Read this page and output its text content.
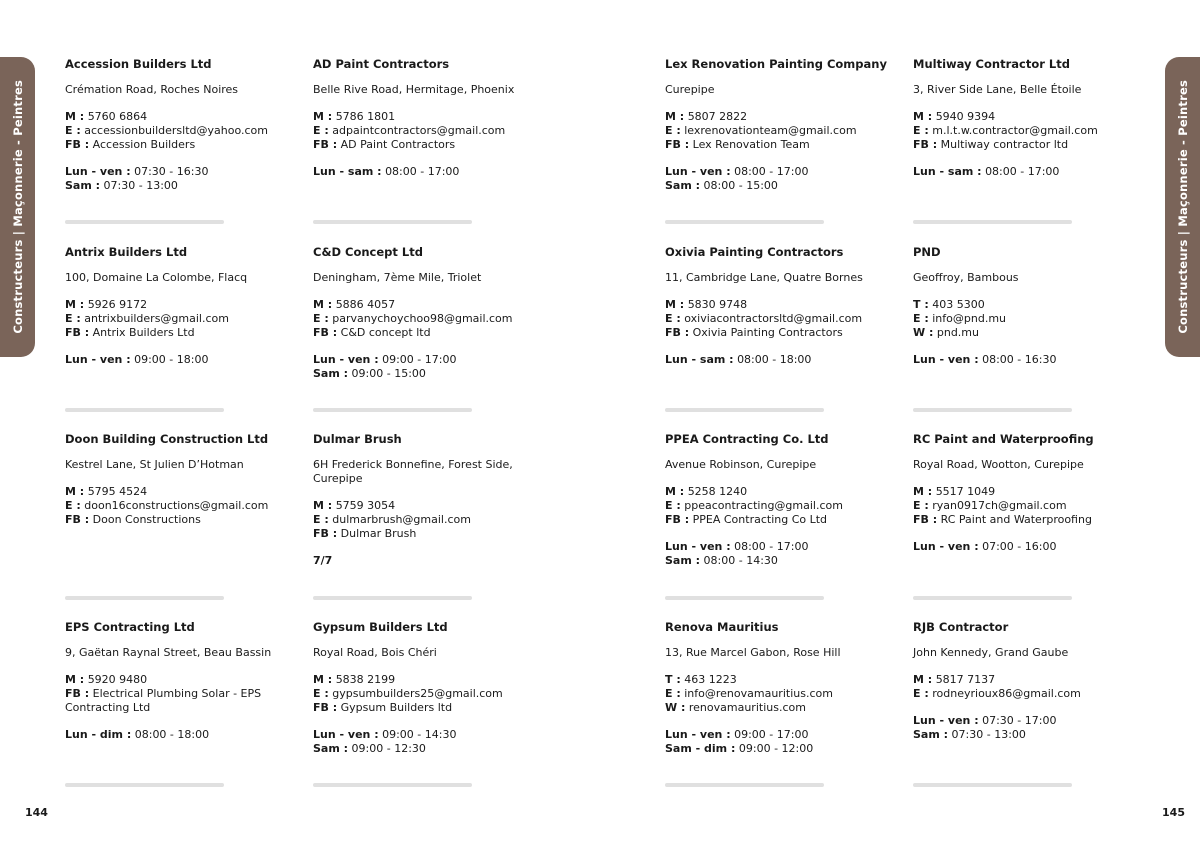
Constructeurs | Maçonnerie - Peintres	Constructeurs | Maçonnerie - Peintres
Accession Builders Ltd
Crémation Road, Roches Noires
M : 5760 6864
E : accessionbuildersltd@yahoo.com
FB : Accession Builders
Lun - ven : 07:30 - 16:30
Sam : 07:30 - 13:00
Antrix Builders Ltd
100, Domaine La Colombe, Flacq
M : 5926 9172
E : antrixbuilders@gmail.com
FB : Antrix Builders Ltd
Lun - ven : 09:00 - 18:00
Doon Building Construction Ltd
Kestrel Lane, St Julien D’Hotman
M : 5795 4524
E : doon16constructions@gmail.com
FB : Doon Constructions
EPS Contracting Ltd
9, Gaëtan Raynal Street, Beau Bassin
M : 5920 9480
FB : Electrical Plumbing Solar - EPS Contracting Ltd
Lun - dim : 08:00 - 18:00
AD Paint Contractors
Belle Rive Road, Hermitage, Phoenix
M : 5786 1801
E : adpaintcontractors@gmail.com
FB : AD Paint Contractors
Lun - sam : 08:00 - 17:00
C&D Concept Ltd
Deningham, 7ème Mile, Triolet
M : 5886 4057
E : parvanychoychoo98@gmail.com
FB : C&D concept ltd
Lun - ven : 09:00 - 17:00
Sam : 09:00 - 15:00
Dulmar Brush
6H Frederick Bonnefine, Forest Side, Curepipe
M : 5759 3054
E : dulmarbrush@gmail.com
FB : Dulmar Brush
7/7
Gypsum Builders Ltd
Royal Road, Bois Chéri
M : 5838 2199
E : gypsumbuilders25@gmail.com
FB : Gypsum Builders ltd
Lun - ven : 09:00 - 14:30
Sam : 09:00 - 12:30
Lex Renovation Painting Company
Curepipe
M : 5807 2822
E : lexrenovationteam@gmail.com
FB : Lex Renovation Team
Lun - ven : 08:00 - 17:00
Sam : 08:00 - 15:00
Oxivia Painting Contractors
11, Cambridge Lane, Quatre Bornes
M : 5830 9748
E : oxiviacontractorsltd@gmail.com
FB : Oxivia Painting Contractors
Lun - sam : 08:00 - 18:00
PPEA Contracting Co. Ltd
Avenue Robinson, Curepipe
M : 5258 1240
E : ppeacontracting@gmail.com
FB : PPEA Contracting Co Ltd
Lun - ven : 08:00 - 17:00
Sam : 08:00 - 14:30
Renova Mauritius
13, Rue Marcel Gabon, Rose Hill
T : 463 1223
E : info@renovamauritius.com
W : renovamauritius.com
Lun - ven : 09:00 - 17:00
Sam - dim : 09:00 - 12:00
Multiway Contractor Ltd
3, River Side Lane, Belle Étoile
M : 5940 9394
E : m.l.t.w.contractor@gmail.com
FB : Multiway contractor ltd
Lun - sam : 08:00 - 17:00
PND
Geoffroy, Bambous
T : 403 5300
E : info@pnd.mu
W : pnd.mu
Lun - ven : 08:00 - 16:30
RC Paint and Waterproofing
Royal Road, Wootton, Curepipe
M : 5517 1049
E : ryan0917ch@gmail.com
FB : RC Paint and Waterproofing
Lun - ven : 07:00 - 16:00
RJB Contractor
John Kennedy, Grand Gaube
M : 5817 7137
E : rodneyrioux86@gmail.com
Lun - ven : 07:30 - 17:00
Sam : 07:30 - 13:00
144	145
